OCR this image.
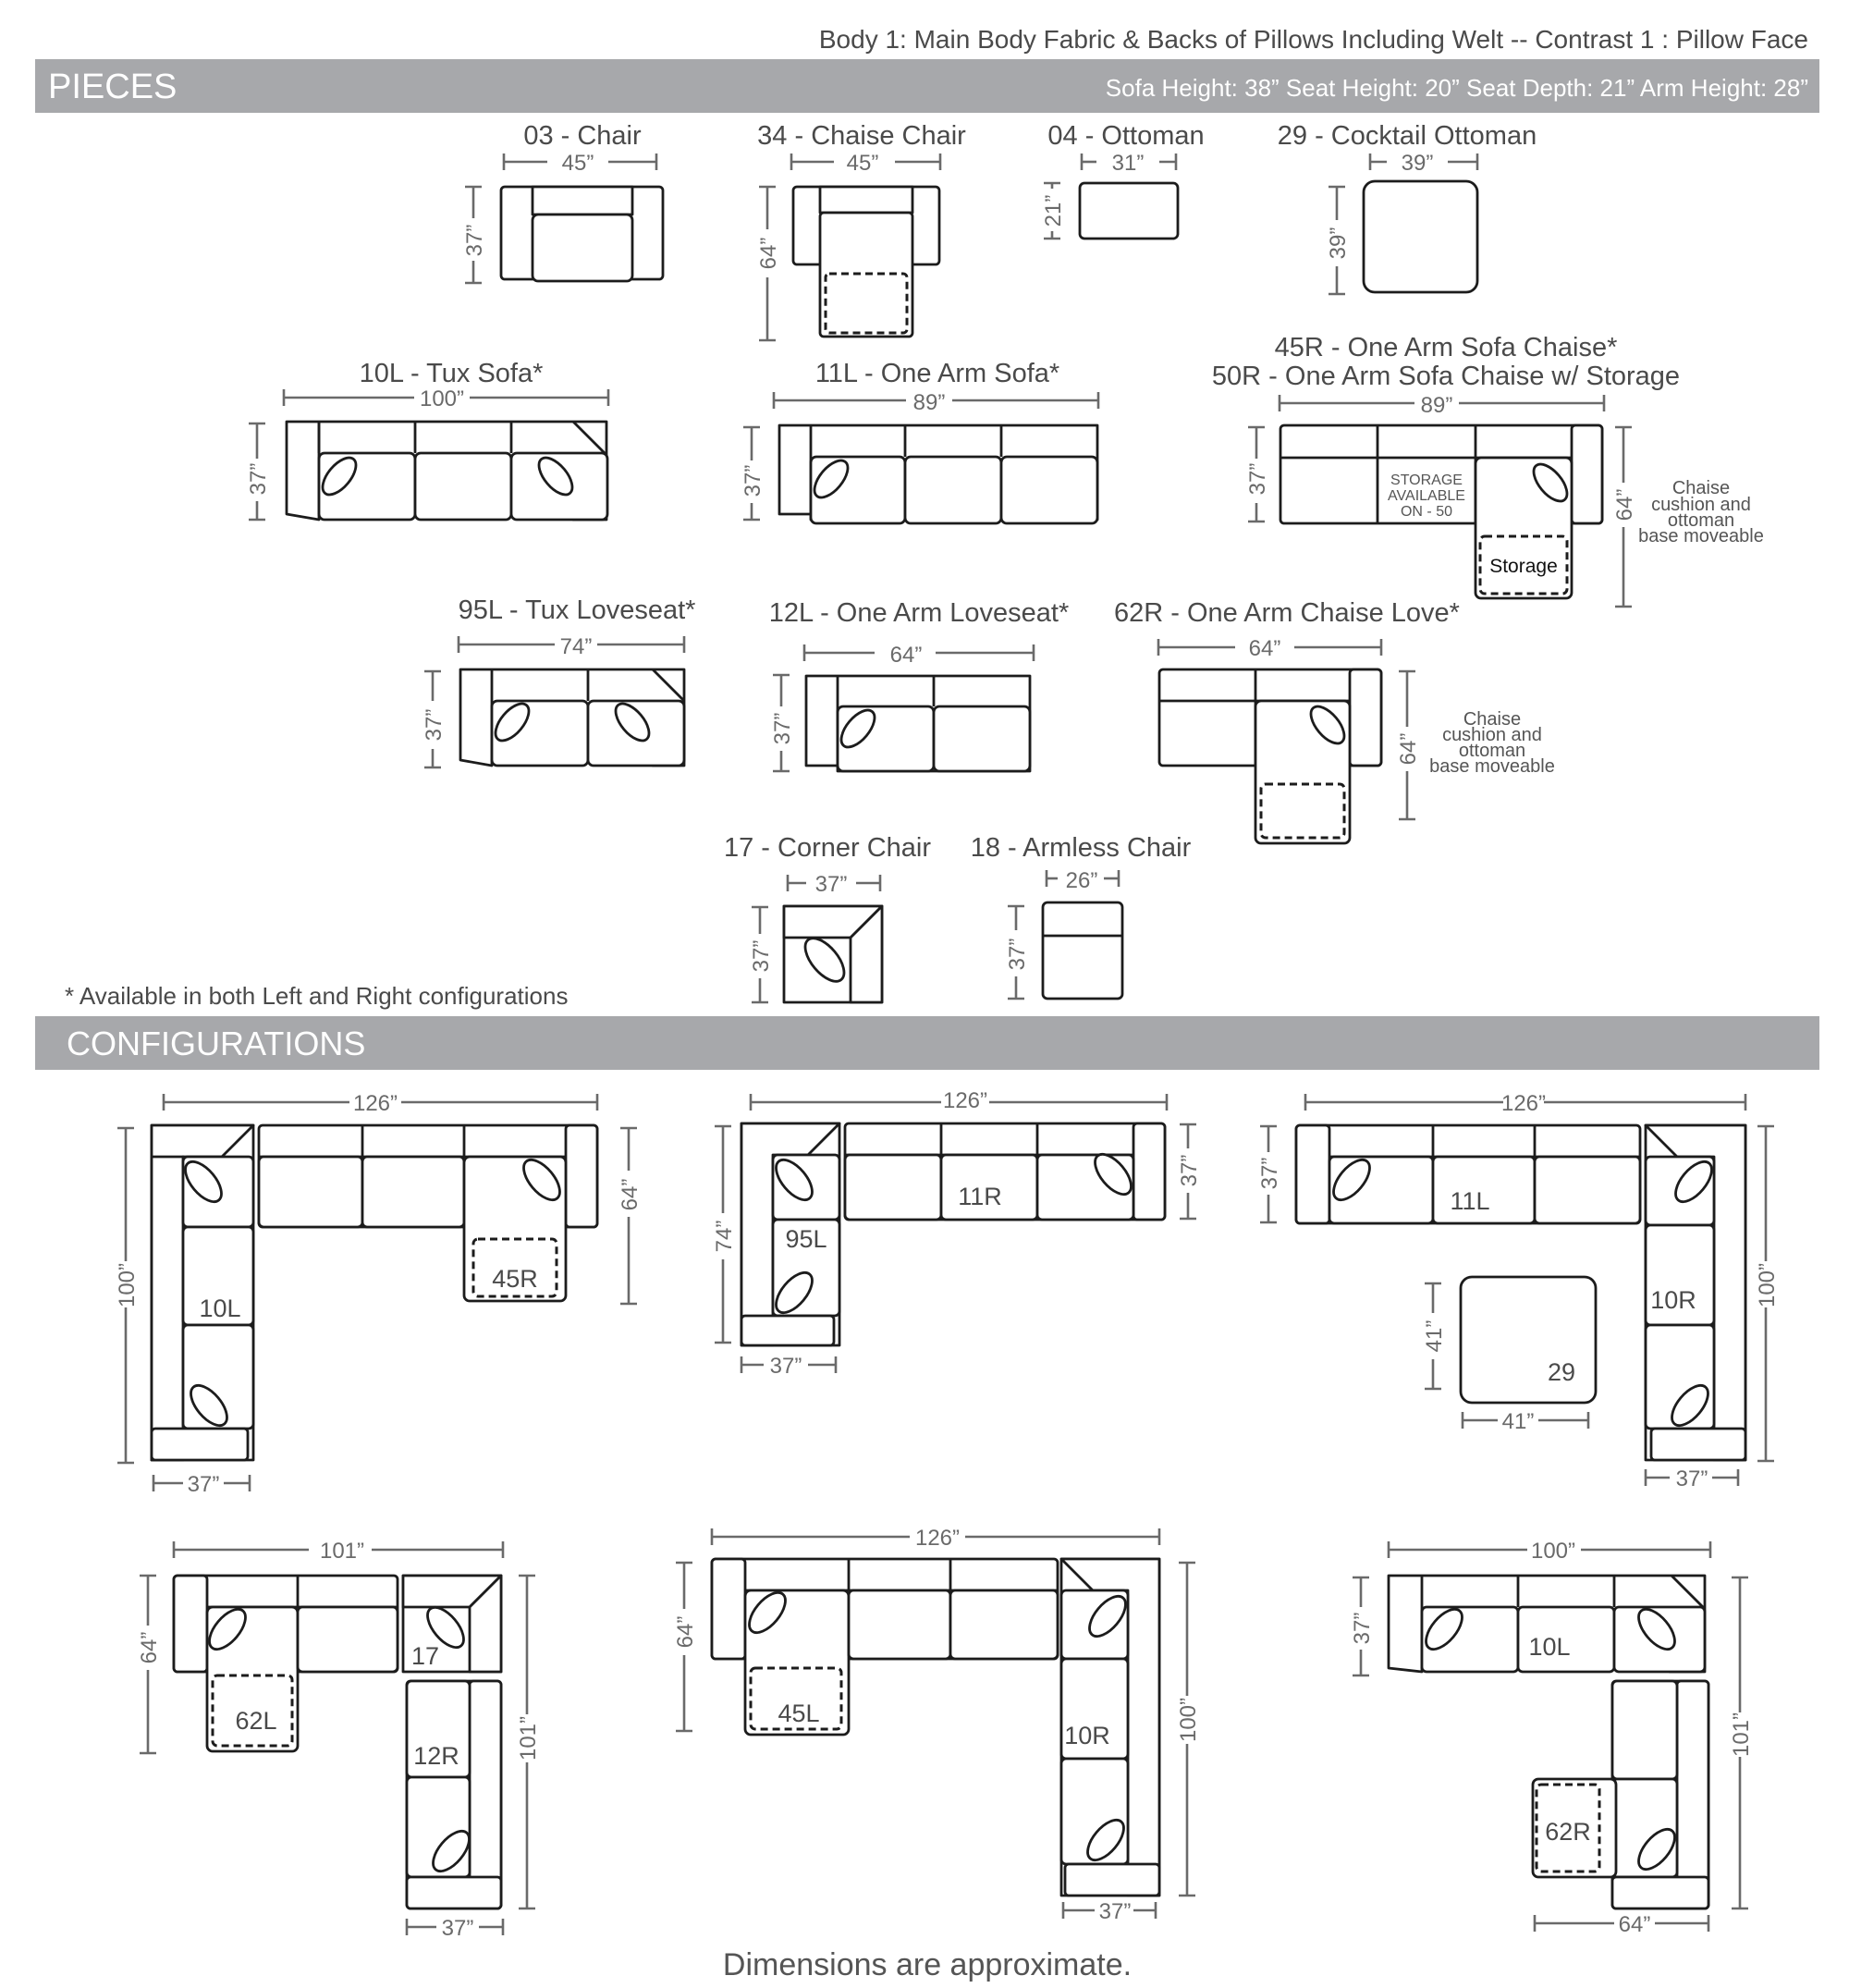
Body 1: Main Body Fabric & Backs of Pillows Including Welt -- Contrast 1 : Pillow Face
PIECES	Sofa Height: 38” Seat Height: 20” Seat Depth: 21” Arm Height: 28”
03 - Chair
45”
37”
34 - Chaise Chair
45”
64”
04 - Ottoman
31”
21”
29 - Cocktail Ottoman
39”
39”
10L - Tux Sofa*
100”
37”
11L - One Arm Sofa*
89”
37”
45R - One Arm Sofa Chaise*
50R - One Arm Sofa Chaise w/ Storage
89”
37”
64”
STORAGE
AVAILABLE
ON - 50
Storage
Chaise
cushion and
ottoman
base moveable
95L - Tux Loveseat*
74”
37”
12L - One Arm Loveseat*
64”
37”
62R - One Arm Chaise Love*
64”
64”
Chaise
cushion and
ottoman
base moveable
17 - Corner Chair
37”
37”
18 - Armless Chair
26”
37”
* Available in both Left and Right configurations
CONFIGURATIONS
126”
100”
64”
37”
10L
45R
126”
37”
74”
37”
95L
11R
126”
37”
100”
37”
41”
41”
11L
10R
29
101”
64”
101”
37”
62L
17
12R
126”
64”
100”
37”
45L
10R
100”
37”
101”
64”
10L
62R
Dimensions are approximate.
